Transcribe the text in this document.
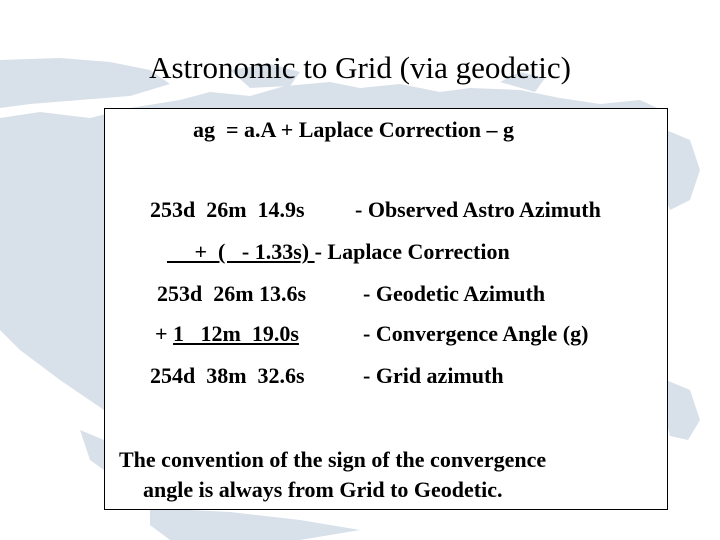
Astronomic to Grid (via geodetic)
ag  = a.A + Laplace Correction – g
253d  26m  14.9s - Observed Astro Azimuth
+  (   - 1.33s) - Laplace Correction
253d  26m 13.6s	- Geodetic Azimuth
+ 1   12m  19.0s	- Convergence Angle (g)
254d  38m  32.6s	- Grid azimuth
The convention of the sign of the convergence
angle is always from Grid to Geodetic.
